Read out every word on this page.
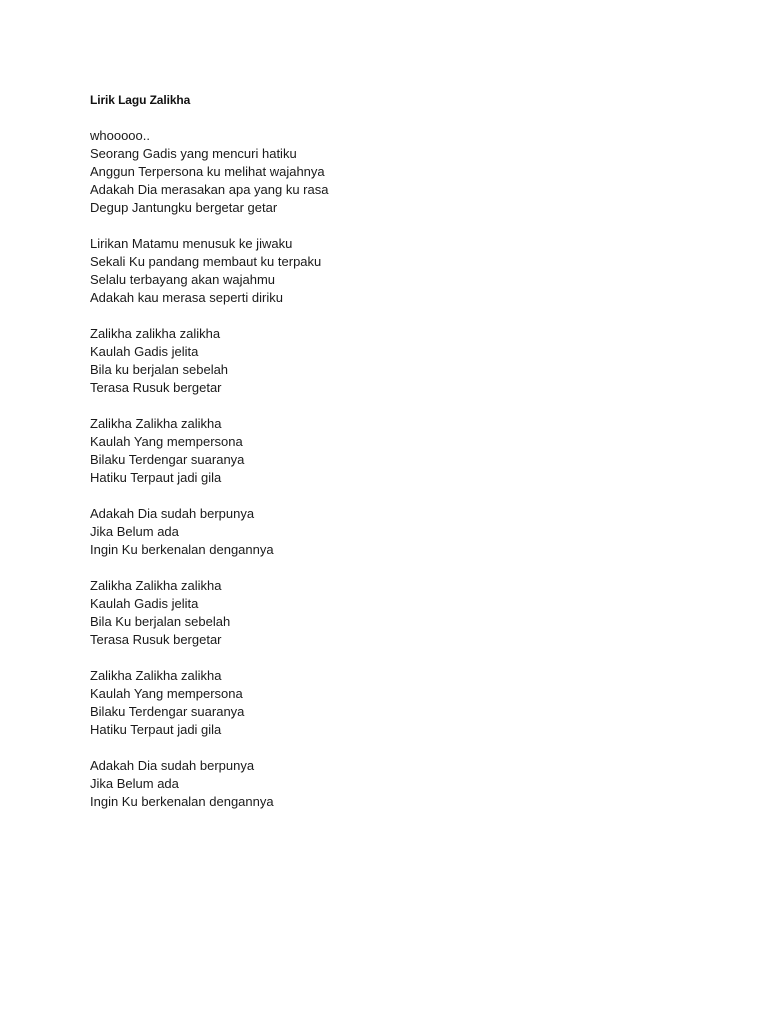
Lirik Lagu Zalikha
whooooo..
Seorang Gadis yang mencuri hatiku
Anggun Terpersona ku melihat wajahnya
Adakah Dia merasakan apa yang ku rasa
Degup Jantungku bergetar getar
Lirikan Matamu menusuk ke jiwaku
Sekali Ku pandang membaut ku terpaku
Selalu terbayang akan wajahmu
Adakah kau merasa seperti diriku
Zalikha zalikha zalikha
Kaulah Gadis jelita
Bila ku berjalan sebelah
Terasa Rusuk bergetar
Zalikha Zalikha zalikha
Kaulah Yang mempersona
Bilaku Terdengar suaranya
Hatiku Terpaut jadi gila
Adakah Dia sudah berpunya
Jika Belum ada
Ingin Ku berkenalan dengannya
Zalikha Zalikha zalikha
Kaulah Gadis jelita
Bila Ku berjalan sebelah
Terasa Rusuk bergetar
Zalikha Zalikha zalikha
Kaulah Yang mempersona
Bilaku Terdengar suaranya
Hatiku Terpaut jadi gila
Adakah Dia sudah berpunya
Jika Belum ada
Ingin Ku berkenalan dengannya
